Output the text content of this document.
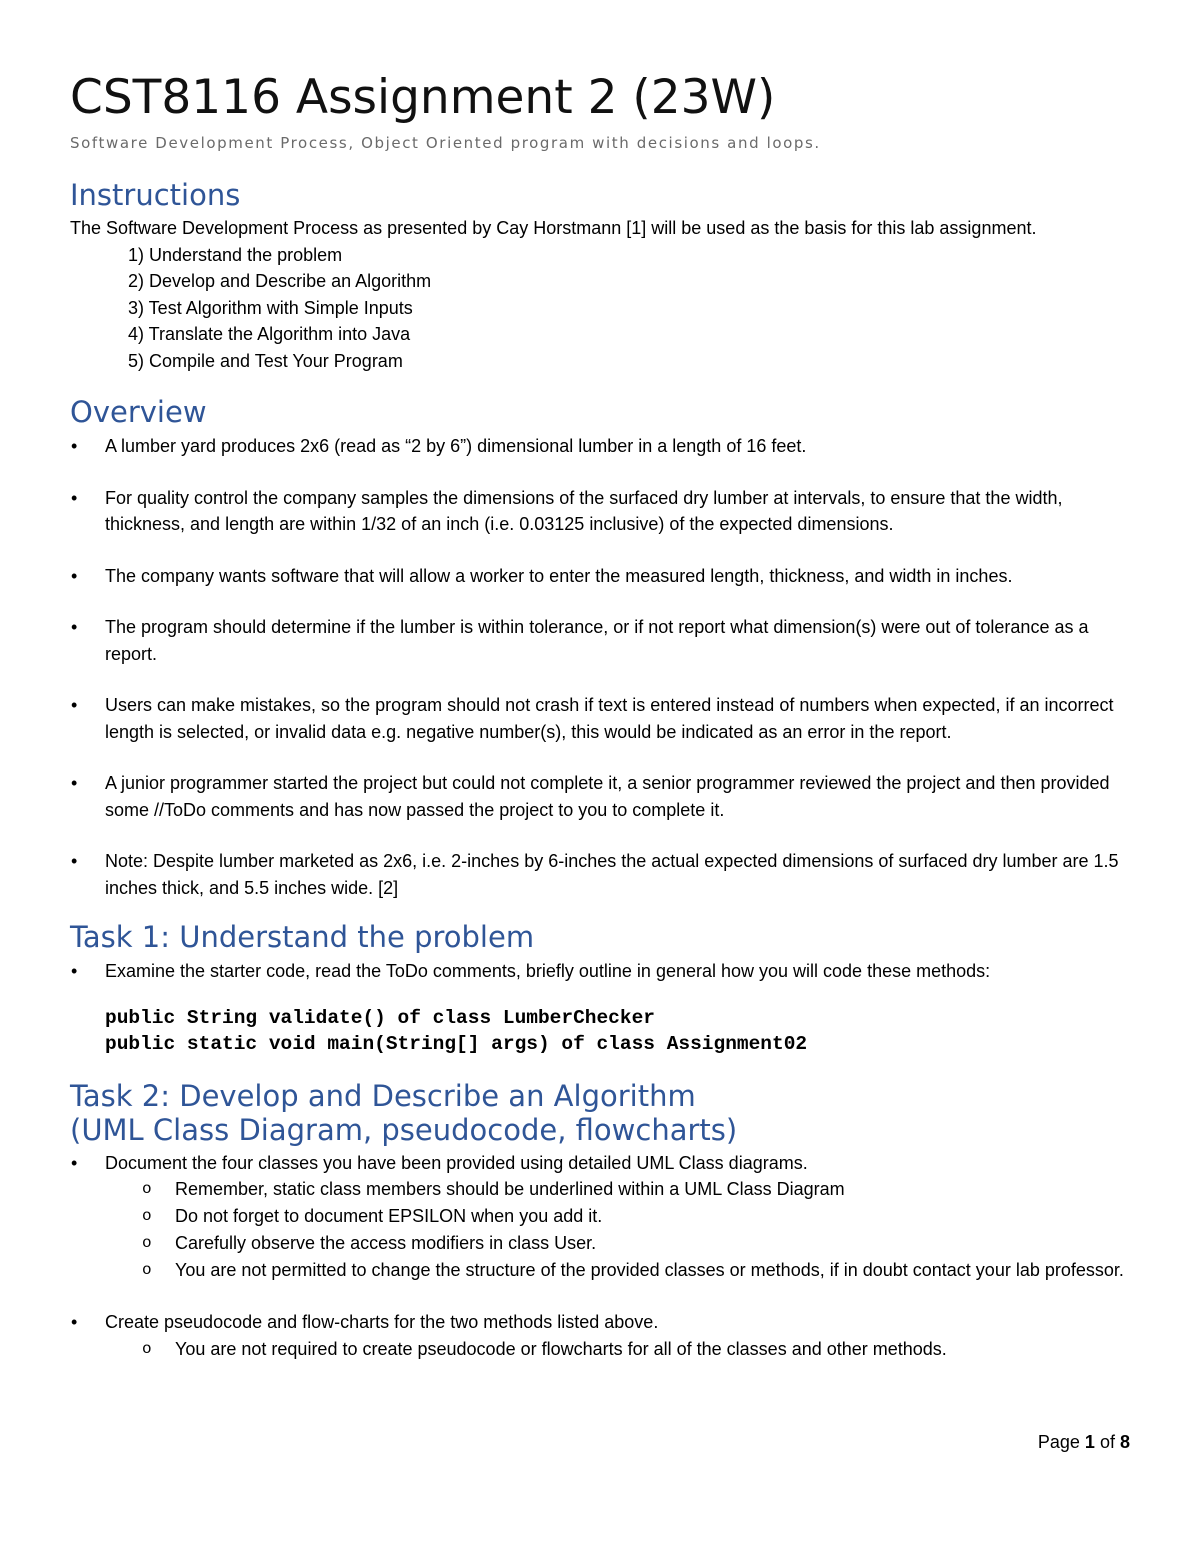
CST8116 Assignment 2 (23W)
Software Development Process, Object Oriented program with decisions and loops.
Instructions

The Software Development Process as presented by Cay Horstmann [1] will be used as the basis for this lab assignment.

1) Understand the problem
2) Develop and Describe an Algorithm
3) Test Algorithm with Simple Inputs
4) Translate the Algorithm into Java
5) Compile and Test Your Program
Overview
• A lumber yard produces 2x6 (read as “2 by 6”) dimensional lumber in a length of 16 feet.
• For quality control the company samples the dimensions of the surfaced dry lumber at intervals, to ensure that the width, thickness, and length are within 1/32 of an inch (i.e. 0.03125 inclusive) of the expected dimensions.
• The company wants software that will allow a worker to enter the measured length, thickness, and width in inches.
• The program should determine if the lumber is within tolerance, or if not report what dimension(s) were out of tolerance as a report.
• Users can make mistakes, so the program should not crash if text is entered instead of numbers when expected, if an incorrect length is selected, or invalid data e.g. negative number(s), this would be indicated as an error in the report.
• A junior programmer started the project but could not complete it, a senior programmer reviewed the project and then provided some //ToDo comments and has now passed the project to you to complete it.
• Note: Despite lumber marketed as 2x6, i.e. 2-inches by 6-inches the actual expected dimensions of surfaced dry lumber are 1.5 inches thick, and 5.5 inches wide. [2]
Task 1: Understand the problem
• Examine the starter code, read the ToDo comments, briefly outline in general how you will code these methods:
public String validate() of class LumberChecker
public static void main(String[] args) of class Assignment02
Task 2: Develop and Describe an Algorithm
(UML Class Diagram, pseudocode, flowcharts)
• Document the four classes you have been provided using detailed UML Class diagrams.
o Remember, static class members should be underlined within a UML Class Diagram
o Do not forget to document EPSILON when you add it.
o Carefully observe the access modifiers in class User.
o You are not permitted to change the structure of the provided classes or methods, if in doubt contact your lab professor.
• Create pseudocode and flow-charts for the two methods listed above.
o You are not required to create pseudocode or flowcharts for all of the classes and other methods.
Page 1 of 8
